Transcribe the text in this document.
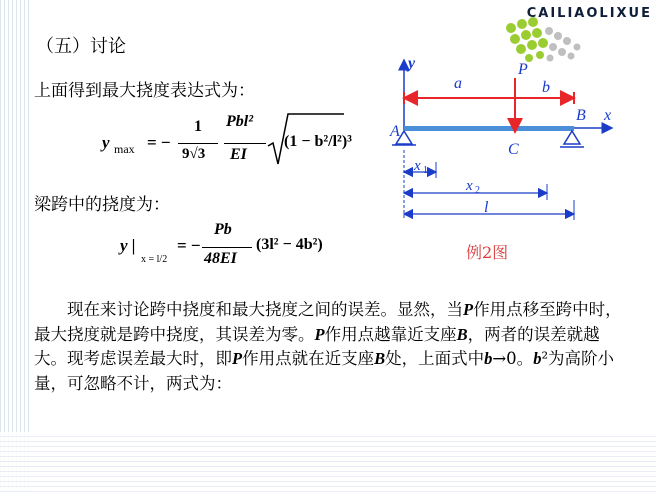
CAILIAOLIXUE
（五）讨论
上面得到最大挠度表达式为：
y max = −
1
9√3
Pbl²
EI
(1 − b²/l²)³
梁跨中的挠度为：
y |
x = l/2
= −
Pb
48EI
(3l² − 4b²)
y
a
P
b
B x
A
C
x 1
x 2
l
例2图
现在来讨论跨中挠度和最大挠度之间的误差。显然，当P作用点移至跨中时，最大挠度就是跨中挠度，其误差为零。P作用点越靠近支座B，两者的误差就越大。现考虑误差最大时，即P作用点就在近支座B处，上面式中b→0。b²为高阶小量，可忽略不计，两式为：
